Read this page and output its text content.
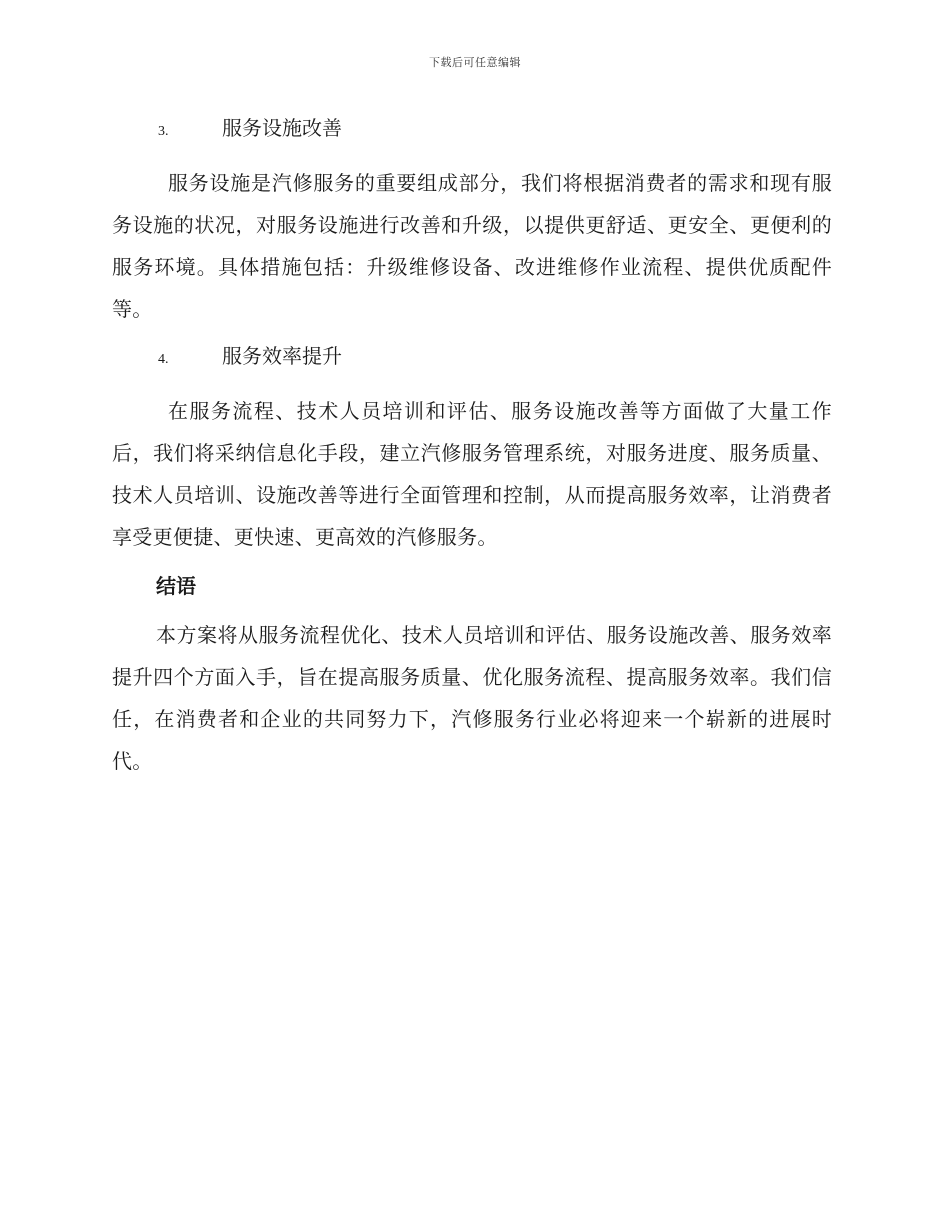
下载后可任意编辑
3.	服务设施改善

服务设施是汽修服务的重要组成部分，我们将根据消费者的需求和现有服务设施的状况，对服务设施进行改善和升级，以提供更舒适、更安全、更便利的服务环境。具体措施包括：升级维修设备、改进维修作业流程、提供优质配件等。

4.	服务效率提升

在服务流程、技术人员培训和评估、服务设施改善等方面做了大量工作后，我们将采纳信息化手段，建立汽修服务管理系统，对服务进度、服务质量、技术人员培训、设施改善等进行全面管理和控制，从而提高服务效率，让消费者享受更便捷、更快速、更高效的汽修服务。

结语

本方案将从服务流程优化、技术人员培训和评估、服务设施改善、服务效率提升四个方面入手，旨在提高服务质量、优化服务流程、提高服务效率。我们信任，在消费者和企业的共同努力下，汽修服务行业必将迎来一个崭新的进展时代。
